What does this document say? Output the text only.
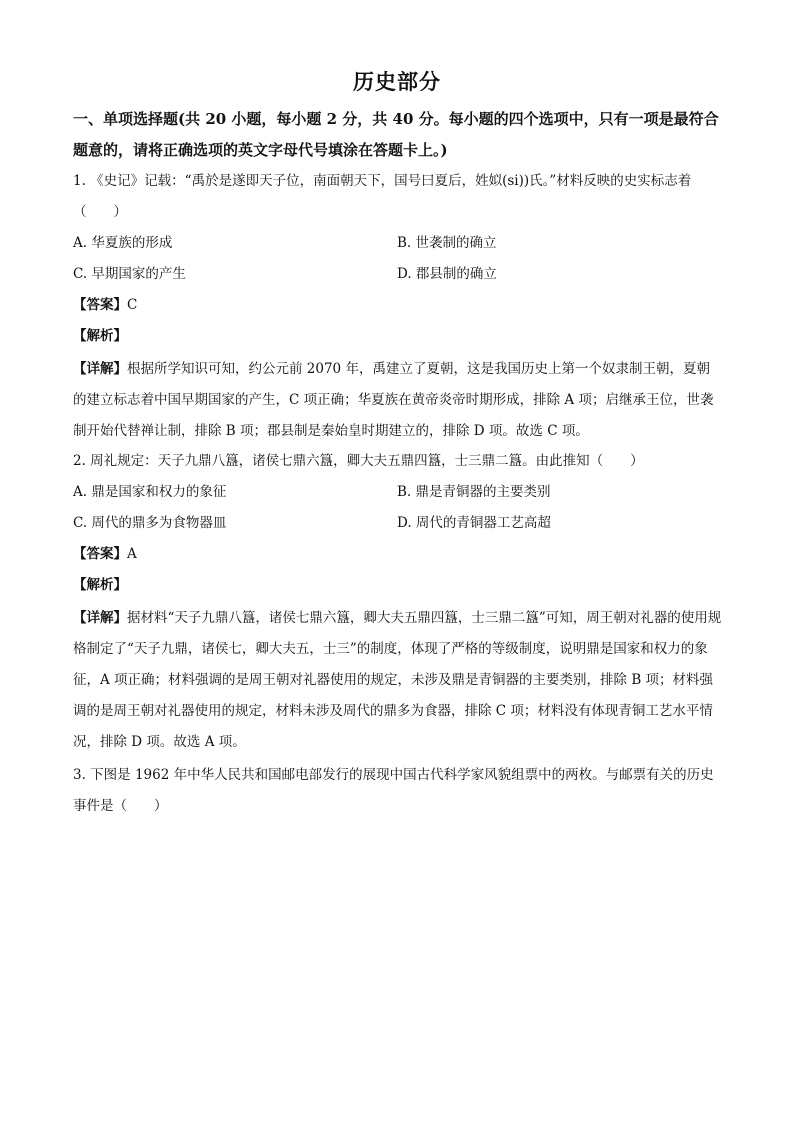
历史部分
一、单项选择题(共 20 小题，每小题 2 分，共 40 分。每小题的四个选项中，只有一项是最符合题意的，请将正确选项的英文字母代号填涂在答题卡上。)
1. 《史记》记载：“禹於是遂即天子位，南面朝天下，国号曰夏后，姓姒(si))氏。”材料反映的史实标志着（　　）
A. 华夏族的形成	B. 世袭制的确立
C. 早期国家的产生	D. 郡县制的确立
【答案】C
【解析】
【详解】根据所学知识可知，约公元前 2070 年，禹建立了夏朝，这是我国历史上第一个奴隶制王朝，夏朝的建立标志着中国早期国家的产生，C 项正确；华夏族在黄帝炎帝时期形成，排除 A 项；启继承王位，世袭制开始代替禅让制，排除 B 项；郡县制是秦始皇时期建立的，排除 D 项。故选 C 项。
2. 周礼规定：天子九鼎八簋，诸侯七鼎六簋，卿大夫五鼎四簋，士三鼎二簋。由此推知（　　）
A. 鼎是国家和权力的象征	B. 鼎是青铜器的主要类别
C. 周代的鼎多为食物器皿	D. 周代的青铜器工艺高超
【答案】A
【解析】
【详解】据材料“天子九鼎八簋，诸侯七鼎六簋，卿大夫五鼎四簋，士三鼎二簋”可知，周王朝对礼器的使用规格制定了“天子九鼎，诸侯七，卿大夫五，士三”的制度，体现了严格的等级制度，说明鼎是国家和权力的象征，A 项正确；材料强调的是周王朝对礼器使用的规定，未涉及鼎是青铜器的主要类别，排除 B 项；材料强调的是周王朝对礼器使用的规定，材料未涉及周代的鼎多为食器，排除 C 项；材料没有体现青铜工艺水平情况，排除 D 项。故选 A 项。
3. 下图是 1962 年中华人民共和国邮电部发行的展现中国古代科学家风貌组票中的两枚。与邮票有关的历史事件是（　　）
